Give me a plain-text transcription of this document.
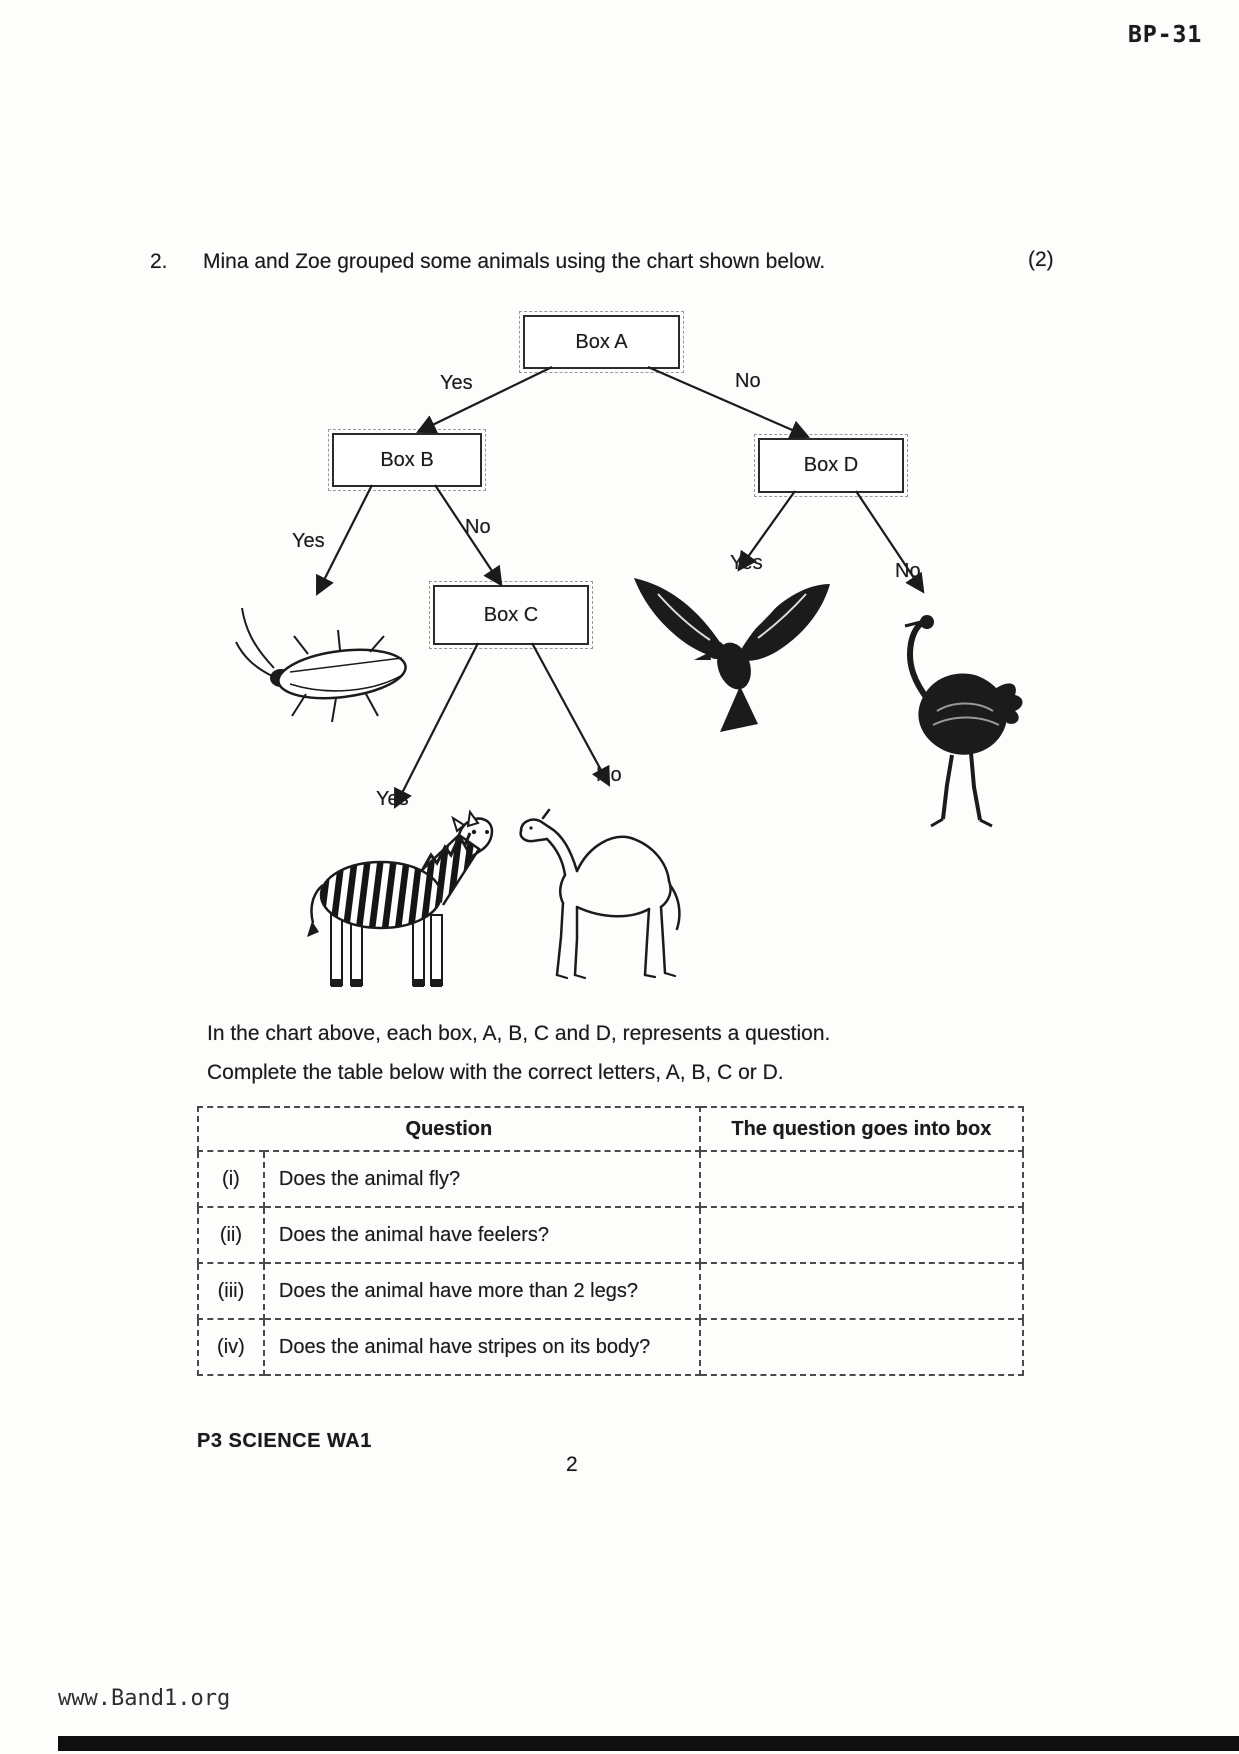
BP-31
2. Mina and Zoe grouped some animals using the chart shown below.	(2)
Box A
Box B	Box D
Box C
Yes	No
Yes
No
Yes	No
Yes
No
In the chart above, each box, A, B, C and D, represents a question.
Complete the table below with the correct letters, A, B, C or D.
Question		The question goes into box
(i)	Does the animal fly?	
(ii)	Does the animal have feelers?	
(iii)	Does the animal have more than 2 legs?	
(iv)	Does the animal have stripes on its body?	
P3 SCIENCE WA1
2
www.Band1.org
